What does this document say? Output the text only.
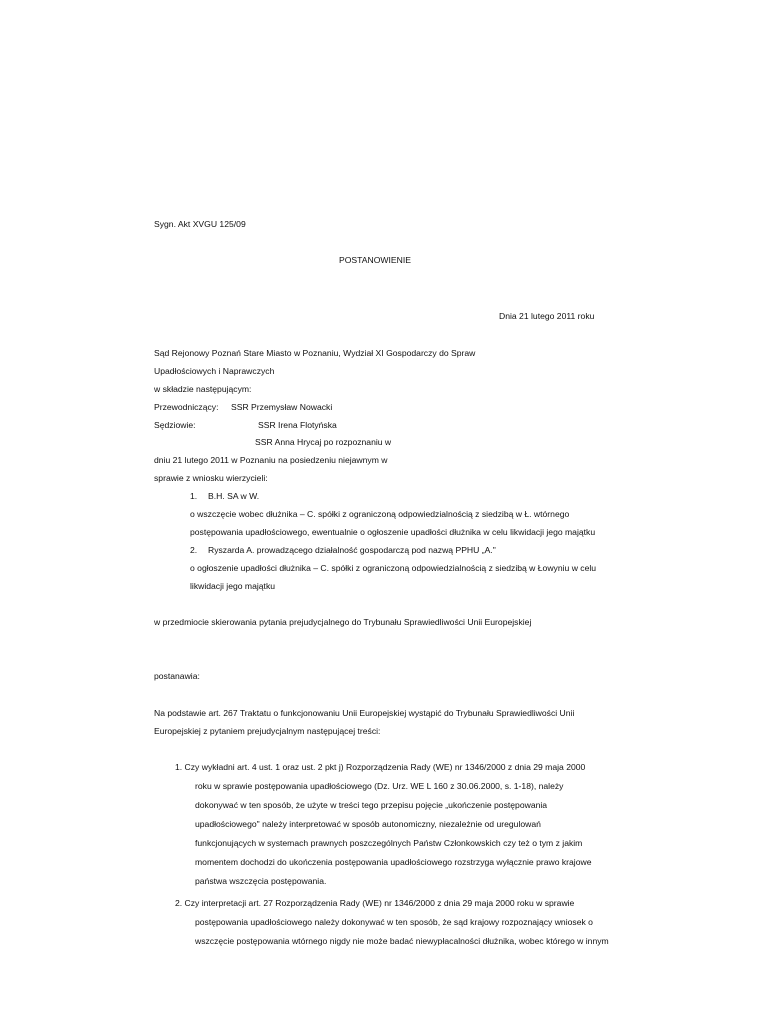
Sygn. Akt XVGU 125/09
POSTANOWIENIE
Dnia 21 lutego 2011 roku
Sąd Rejonowy Poznań Stare Miasto w Poznaniu, Wydział XI Gospodarczy do Spraw
Upadłościowych i Naprawczych
w składzie następującym:
Przewodniczący: SSR Przemysław Nowacki
Sędziowie:	SSR Irena Flotyńska
SSR Anna Hrycaj po rozpoznaniu w
dniu 21 lutego 2011 w Poznaniu na posiedzeniu niejawnym w
sprawie z wniosku wierzycieli:
1. B.H. SA w W.
o wszczęcie wobec dłużnika – C. spółki z ograniczoną odpowiedzialnością z siedzibą w Ł. wtórnego
postępowania upadłościowego, ewentualnie o ogłoszenie upadłości dłużnika w celu likwidacji jego majątku
2. Ryszarda A. prowadzącego działalność gospodarczą pod nazwą PPHU „A."
o ogłoszenie upadłości dłużnika – C. spółki z ograniczoną odpowiedzialnością z siedzibą w Łowyniu w celu
likwidacji jego majątku
w przedmiocie skierowania pytania prejudycjalnego do Trybunału Sprawiedliwości Unii Europejskiej
postanawia:
Na podstawie art. 267 Traktatu o funkcjonowaniu Unii Europejskiej wystąpić do Trybunału Sprawiedliwości Unii
Europejskiej z pytaniem prejudycjalnym następującej treści:
1. Czy wykładni art. 4 ust. 1 oraz ust. 2 pkt j) Rozporządzenia Rady (WE) nr 1346/2000 z dnia 29 maja 2000
roku w sprawie postępowania upadłościowego (Dz. Urz. WE L 160 z 30.06.2000, s. 1-18), należy
dokonywać w ten sposób, że użyte w treści tego przepisu pojęcie „ukończenie postępowania
upadłościowego" należy interpretować w sposób autonomiczny, niezależnie od uregulowań
funkcjonujących w systemach prawnych poszczególnych Państw Członkowskich czy też o tym z jakim
momentem dochodzi do ukończenia postępowania upadłościowego rozstrzyga wyłącznie prawo krajowe
państwa wszczęcia postępowania.
2. Czy interpretacji art. 27 Rozporządzenia Rady (WE) nr 1346/2000 z dnia 29 maja 2000 roku w sprawie
postępowania upadłościowego należy dokonywać w ten sposób, że sąd krajowy rozpoznający wniosek o
wszczęcie postępowania wtórnego nigdy nie może badać niewypłacalności dłużnika, wobec którego w innym
